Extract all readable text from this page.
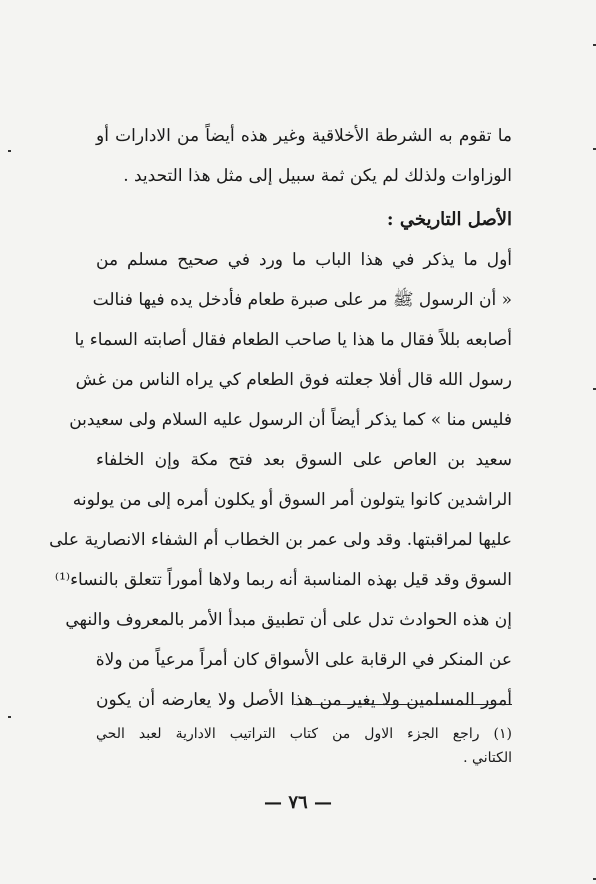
ما تقوم به الشرطة الأخلاقية وغير هذه أيضاً من الادارات أو
الوزاوات ولذلك لم يكن ثمة سبيل إلى مثل هذا التحديد .
الأصل التاريخي :
أول ما يذكر في هذا الباب ما ورد في صحيح مسلم من
« أن الرسول ﷺ مر على صبرة طعام فأدخل يده فيها فنالت
أصابعه بللاً فقال ما هذا يا صاحب الطعام فقال أصابته السماء يا
رسول الله قال أفلا جعلته فوق الطعام كي يراه الناس من غش
فليس منا » كما يذكر أيضاً أن الرسول عليه السلام ولى سعيدبن
سعيد بن العاص على السوق بعد فتح مكة وإن الخلفاء
الراشدين كانوا يتولون أمر السوق أو يكلون أمره إلى من يولونه
عليها لمراقبتها. وقد ولى عمر بن الخطاب أم الشفاء الانصارية على
السوق وقد قيل بهذه المناسبة أنه ربما ولاها أموراً تتعلق بالنساء⁽¹⁾
إن هذه الحوادث تدل على أن تطبيق مبدأ الأمر بالمعروف والنهي
عن المنكر في الرقابة على الأسواق كان أمراً مرعياً من ولاة
أمور المسلمين ولا يغير من هذا الأصل ولا يعارضه أن يكون
(١) راجع الجزء الاول من كتاب التراتيب الادارية لعبد الحي
الكتاني .
— ٧٦ —
